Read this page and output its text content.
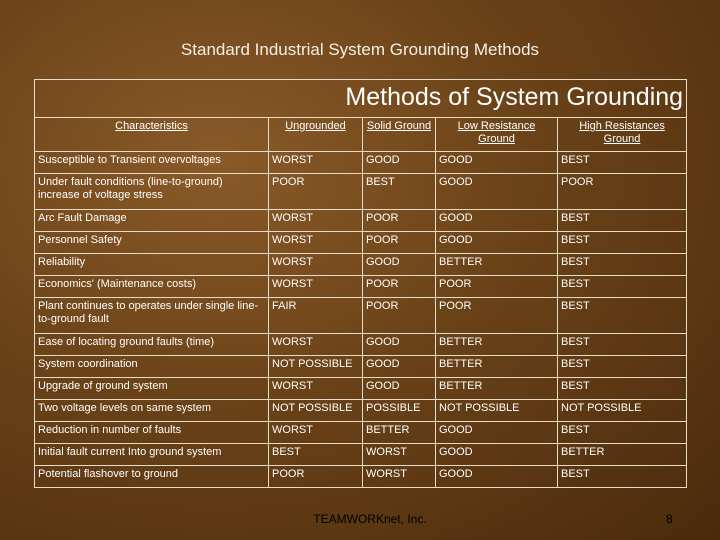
Standard Industrial System Grounding Methods
Methods of System Grounding				
Characteristics	Ungrounded	Solid Ground	Low Resistance Ground	High Resistances Ground
Susceptible to Transient overvoltages	WORST	GOOD	GOOD	BEST
Under fault conditions (line-to-ground) increase of voltage stress	POOR	BEST	GOOD	POOR
Arc Fault Damage	WORST	POOR	GOOD	BEST
Personnel Safety	WORST	POOR	GOOD	BEST
Reliability	WORST	GOOD	BETTER	BEST
Economics' (Maintenance costs)	WORST	POOR	POOR	BEST
Plant continues to operates under single line-to-ground fault	FAIR	POOR	POOR	BEST
Ease of locating ground faults (time)	WORST	GOOD	BETTER	BEST
System coordination	NOT POSSIBLE	GOOD	BETTER	BEST
Upgrade of ground system	WORST	GOOD	BETTER	BEST
Two voltage levels on same system	NOT POSSIBLE	POSSIBLE	NOT POSSIBLE	NOT POSSIBLE
Reduction in number of faults	WORST	BETTER	GOOD	BEST
Initial fault current Into ground system	BEST	WORST	GOOD	BETTER
Potential flashover to ground	POOR	WORST	GOOD	BEST
TEAMWORKnet, Inc.	8
